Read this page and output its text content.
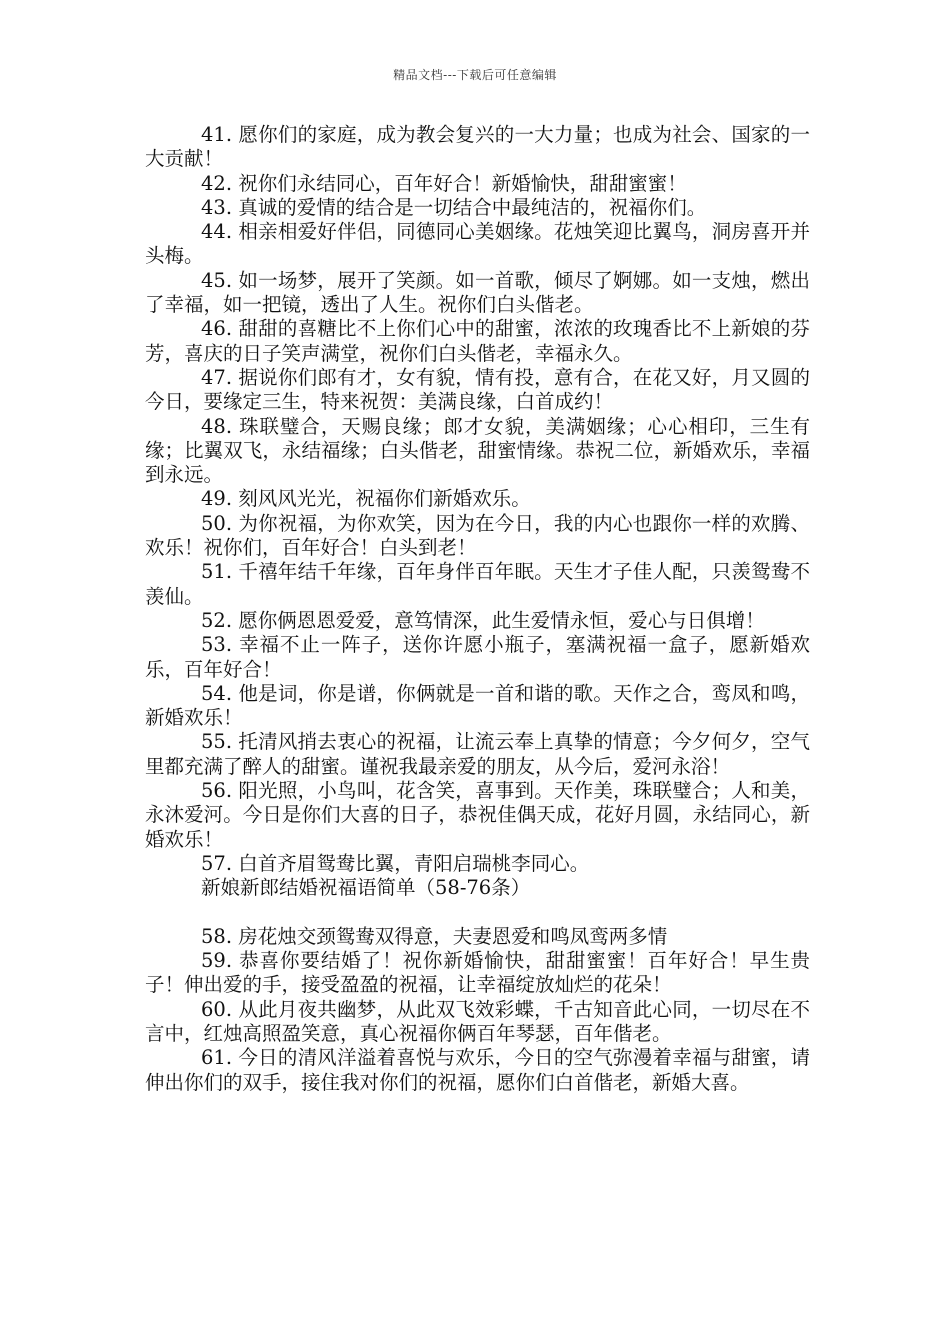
精品文档---下载后可任意编辑

41. 愿你们的家庭，成为教会复兴的一大力量；也成为社会、国家的一大贡献！

42. 祝你们永结同心，百年好合！新婚愉快，甜甜蜜蜜！

43. 真诚的爱情的结合是一切结合中最纯洁的，祝福你们。

44. 相亲相爱好伴侣，同德同心美姻缘。花烛笑迎比翼鸟，洞房喜开并头梅。

45. 如一场梦，展开了笑颜。如一首歌，倾尽了婀娜。如一支烛，燃出了幸福，如一把镜，透出了人生。祝你们白头偕老。

46. 甜甜的喜糖比不上你们心中的甜蜜，浓浓的玫瑰香比不上新娘的芬芳，喜庆的日子笑声满堂，祝你们白头偕老，幸福永久。

47. 据说你们郎有才，女有貌，情有投，意有合，在花又好，月又圆的今日，要缘定三生，特来祝贺：美满良缘，白首成约！

48. 珠联璧合，天赐良缘；郎才女貌，美满姻缘；心心相印，三生有缘；比翼双飞，永结福缘；白头偕老，甜蜜情缘。恭祝二位，新婚欢乐，幸福到永远。

49. 刻风风光光，祝福你们新婚欢乐。

50. 为你祝福，为你欢笑，因为在今日，我的内心也跟你一样的欢腾、欢乐！祝你们，百年好合！白头到老！

51. 千禧年结千年缘，百年身伴百年眠。天生才子佳人配，只羡鸳鸯不羡仙。

52. 愿你俩恩恩爱爱，意笃情深，此生爱情永恒，爱心与日俱增！

53. 幸福不止一阵子，送你许愿小瓶子，塞满祝福一盒子，愿新婚欢乐，百年好合！

54. 他是词，你是谱，你俩就是一首和谐的歌。天作之合，鸾凤和鸣，新婚欢乐！

55. 托清风捎去衷心的祝福，让流云奉上真挚的情意；今夕何夕，空气里都充满了醉人的甜蜜。谨祝我最亲爱的朋友，从今后，爱河永浴！

56. 阳光照，小鸟叫，花含笑，喜事到。天作美，珠联璧合；人和美，永沐爱河。今日是你们大喜的日子，恭祝佳偶天成，花好月圆，永结同心，新婚欢乐！

57. 白首齐眉鸳鸯比翼，青阳启瑞桃李同心。

新娘新郎结婚祝福语简单（58-76条）

58. 房花烛交颈鸳鸯双得意，夫妻恩爱和鸣凤鸾两多情

59. 恭喜你要结婚了！祝你新婚愉快，甜甜蜜蜜！百年好合！早生贵子！伸出爱的手，接受盈盈的祝福，让幸福绽放灿烂的花朵！

60. 从此月夜共幽梦，从此双飞效彩蝶，千古知音此心同，一切尽在不言中，红烛高照盈笑意，真心祝福你俩百年琴瑟，百年偕老。

61. 今日的清风洋溢着喜悦与欢乐，今日的空气弥漫着幸福与甜蜜，请伸出你们的双手，接住我对你们的祝福，愿你们白首偕老，新婚大喜。
